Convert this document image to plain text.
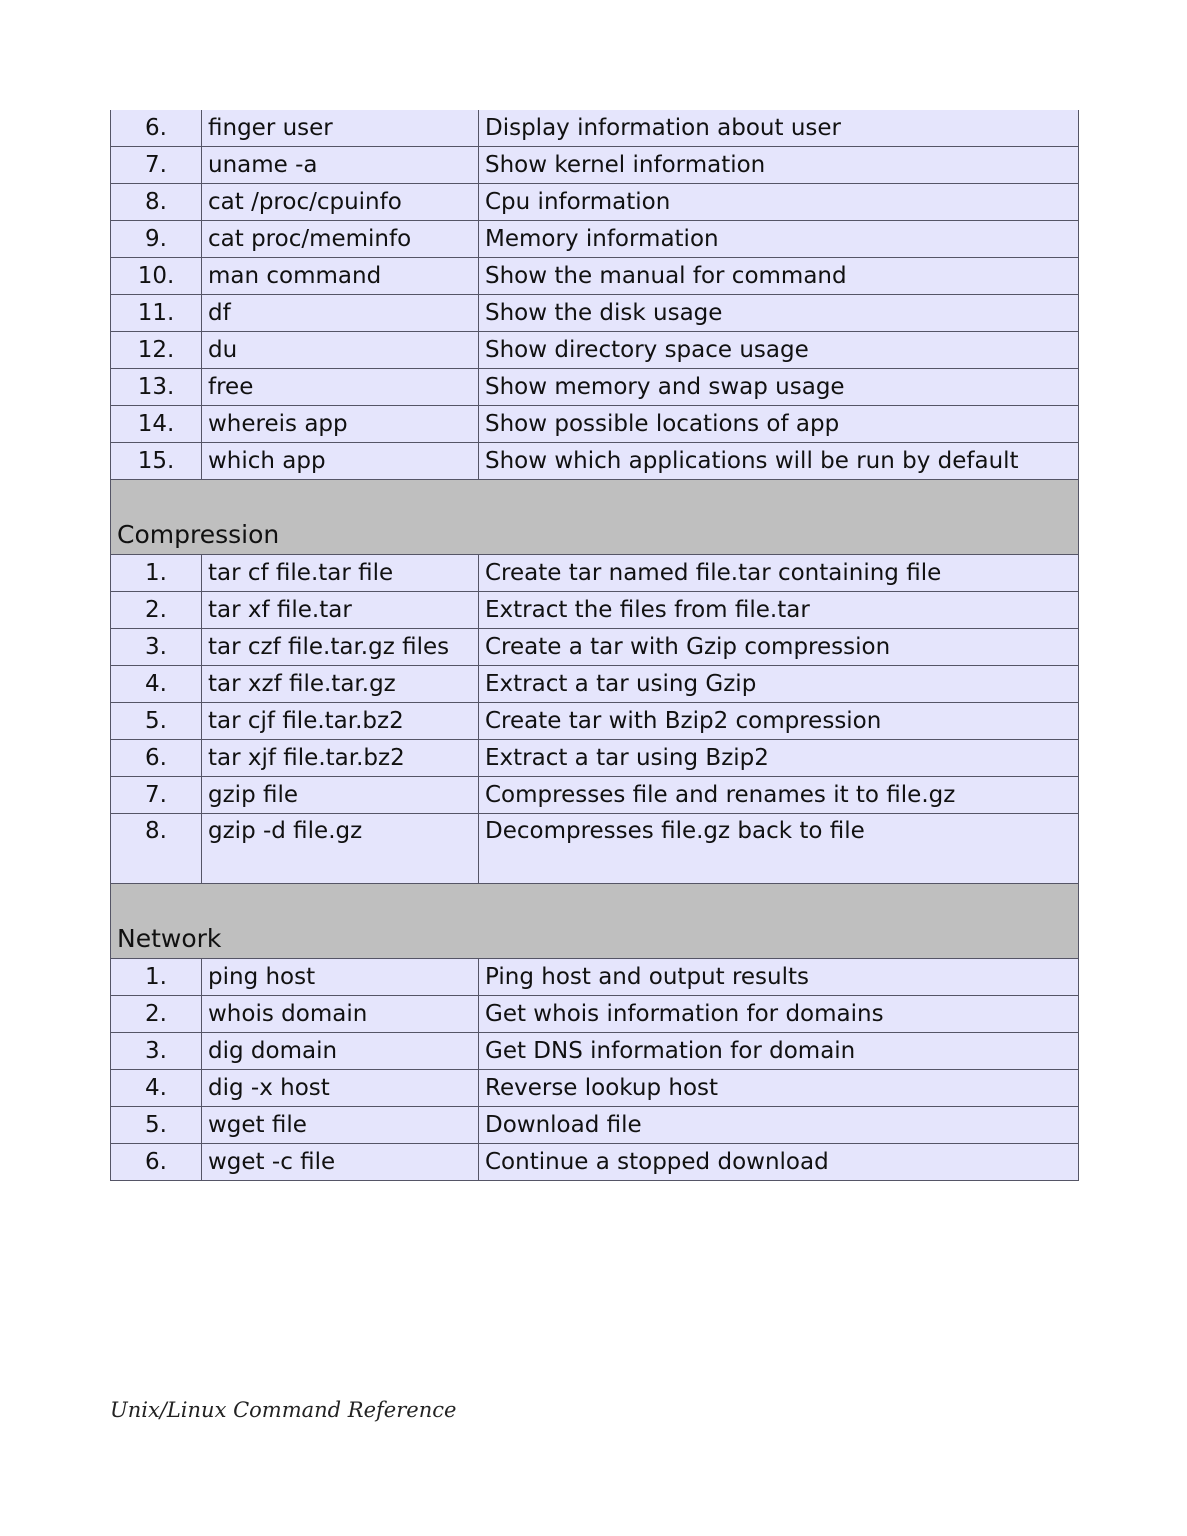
6.	finger user	Display information about user
7.	uname -a	Show kernel information
8.	cat /proc/cpuinfo	Cpu information
9.	cat proc/meminfo	Memory information
10.	man command	Show the manual for command
11.	df	Show the disk usage
12.	du	Show directory space usage
13.	free	Show memory and swap usage
14.	whereis app	Show possible locations of app
15.	which app	Show which applications will be run by default
Compression		
1.	tar cf file.tar file	Create tar named file.tar containing file
2.	tar xf file.tar	Extract the files from file.tar
3.	tar czf file.tar.gz files	Create a tar with Gzip compression
4.	tar xzf file.tar.gz	Extract a tar using Gzip
5.	tar cjf file.tar.bz2	Create tar with Bzip2 compression
6.	tar xjf file.tar.bz2	Extract a tar using Bzip2
7.	gzip file	Compresses file and renames it to file.gz
8.	gzip -d file.gz	Decompresses file.gz back to file
Network		
1.	ping host	Ping host and output results
2.	whois domain	Get whois information for domains
3.	dig domain	Get DNS information for domain
4.	dig -x host	Reverse lookup host
5.	wget file	Download file
6.	wget -c file	Continue a stopped download
Unix/Linux Command Reference
